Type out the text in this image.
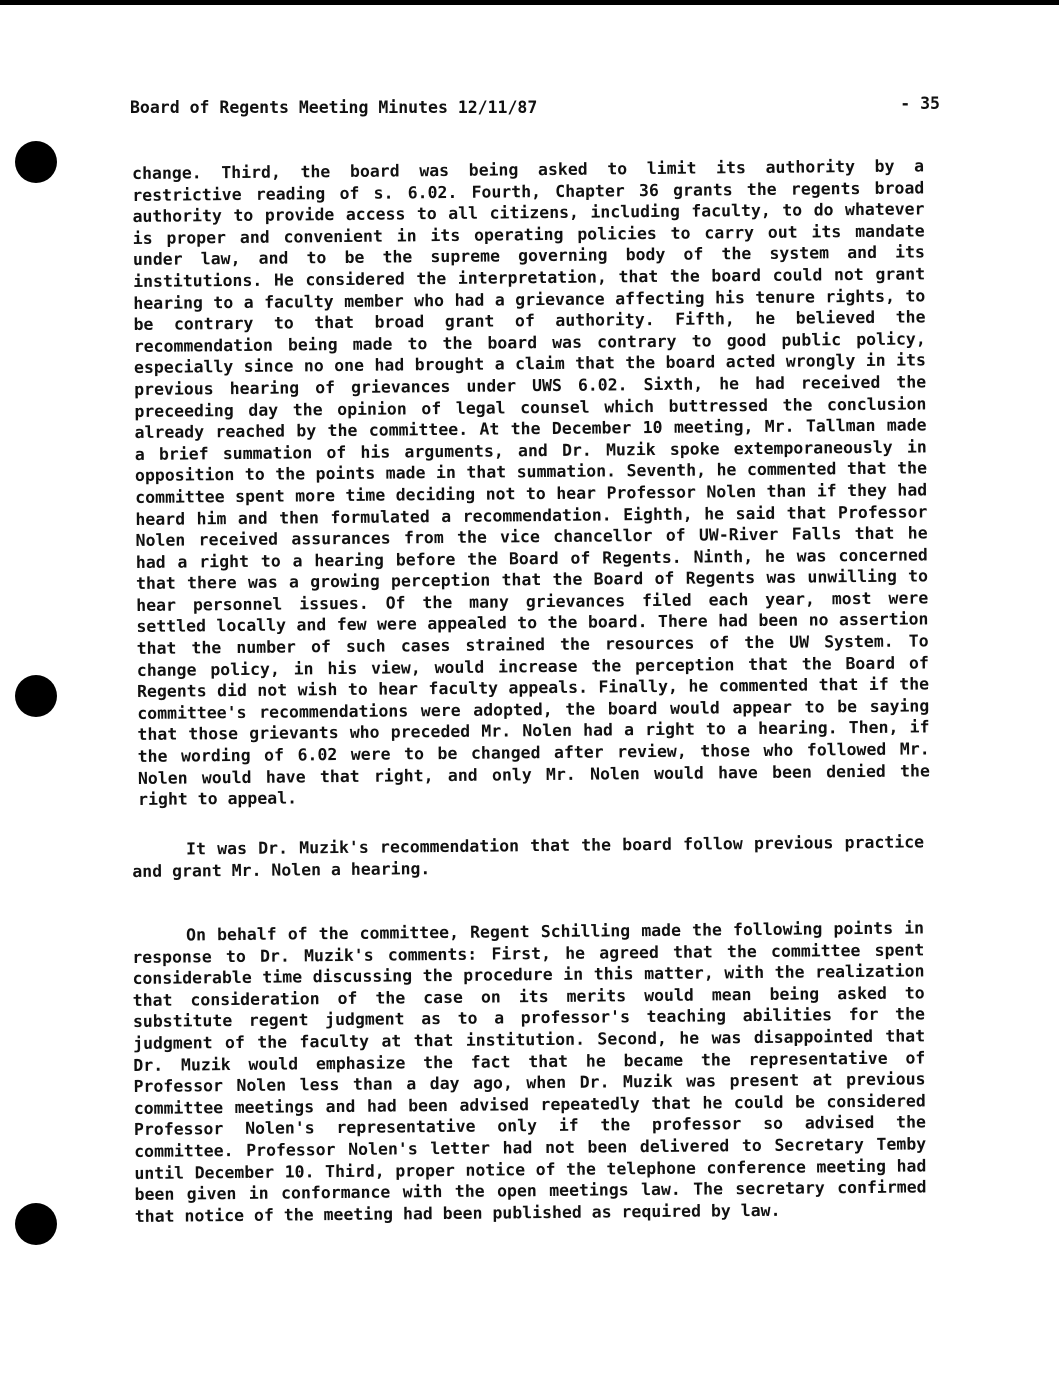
Board of Regents Meeting Minutes 12/11/87	- 35

change. Third, the board was being asked to limit its authority by a restrictive reading of s. 6.02. Fourth, Chapter 36 grants the regents broad authority to provide access to all citizens, including faculty, to do whatever is proper and convenient in its operating policies to carry out its mandate under law, and to be the supreme governing body of the system and its institutions. He considered the interpretation, that the board could not grant hearing to a faculty member who had a grievance affecting his tenure rights, to be contrary to that broad grant of authority. Fifth, he believed the recommendation being made to the board was contrary to good public policy, especially since no one had brought a claim that the board acted wrongly in its previous hearing of grievances under UWS 6.02. Sixth, he had received the preceeding day the opinion of legal counsel which buttressed the conclusion already reached by the committee. At the December 10 meeting, Mr. Tallman made a brief summation of his arguments, and Dr. Muzik spoke extemporaneously in opposition to the points made in that summation. Seventh, he commented that the committee spent more time deciding not to hear Professor Nolen than if they had heard him and then formulated a recommendation. Eighth, he said that Professor Nolen received assurances from the vice chancellor of UW-River Falls that he had a right to a hearing before the Board of Regents. Ninth, he was concerned that there was a growing perception that the Board of Regents was unwilling to hear personnel issues. Of the many grievances filed each year, most were settled locally and few were appealed to the board. There had been no assertion that the number of such cases strained the resources of the UW System. To change policy, in his view, would increase the perception that the Board of Regents did not wish to hear faculty appeals. Finally, he commented that if the committee's recommendations were adopted, the board would appear to be saying that those grievants who preceded Mr. Nolen had a right to a hearing. Then, if the wording of 6.02 were to be changed after review, those who followed Mr. Nolen would have that right, and only Mr. Nolen would have been denied the right to appeal.

It was Dr. Muzik's recommendation that the board follow previous practice and grant Mr. Nolen a hearing.

On behalf of the committee, Regent Schilling made the following points in response to Dr. Muzik's comments: First, he agreed that the committee spent considerable time discussing the procedure in this matter, with the realization that consideration of the case on its merits would mean being asked to substitute regent judgment as to a professor's teaching abilities for the judgment of the faculty at that institution. Second, he was disappointed that Dr. Muzik would emphasize the fact that he became the representative of Professor Nolen less than a day ago, when Dr. Muzik was present at previous committee meetings and had been advised repeatedly that he could be considered Professor Nolen's representative only if the professor so advised the committee. Professor Nolen's letter had not been delivered to Secretary Temby until December 10. Third, proper notice of the telephone conference meeting had been given in conformance with the open meetings law. The secretary confirmed that notice of the meeting had been published as required by law.
